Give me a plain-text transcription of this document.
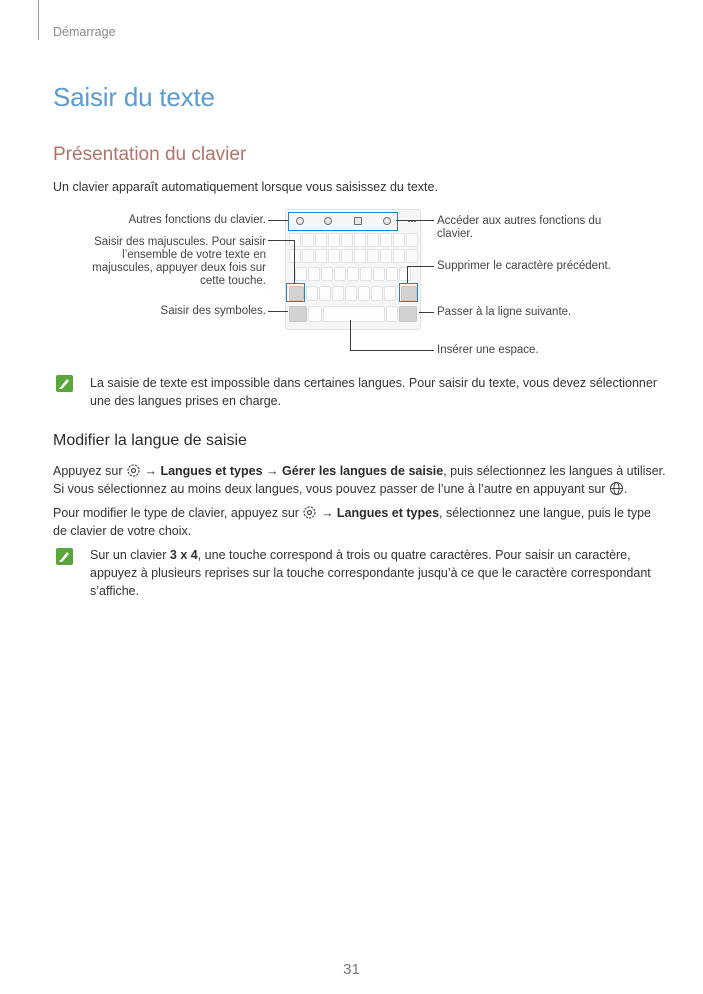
Démarrage
Saisir du texte
Présentation du clavier
Un clavier apparaît automatiquement lorsque vous saisissez du texte.
Autres fonctions du clavier.
Saisir des majuscules. Pour saisir l’ensemble de votre texte en majuscules, appuyer deux fois sur cette touche.
Saisir des symboles.
Accéder aux autres fonctions du clavier.
Supprimer le caractère précédent.
Passer à la ligne suivante.
Insérer une espace.
La saisie de texte est impossible dans certaines langues. Pour saisir du texte, vous devez sélectionner une des langues prises en charge.
Modifier la langue de saisie
Appuyez sur → Langues et types → Gérer les langues de saisie, puis sélectionnez les langues à utiliser.
Si vous sélectionnez au moins deux langues, vous pouvez passer de l’une à l’autre en appuyant sur .
Pour modifier le type de clavier, appuyez sur → Langues et types, sélectionnez une langue, puis le type
de clavier de votre choix.
Sur un clavier 3 x 4, une touche correspond à trois ou quatre caractères. Pour saisir un caractère,
appuyez à plusieurs reprises sur la touche correspondante jusqu’à ce que le caractère correspondant
s’affiche.
31
